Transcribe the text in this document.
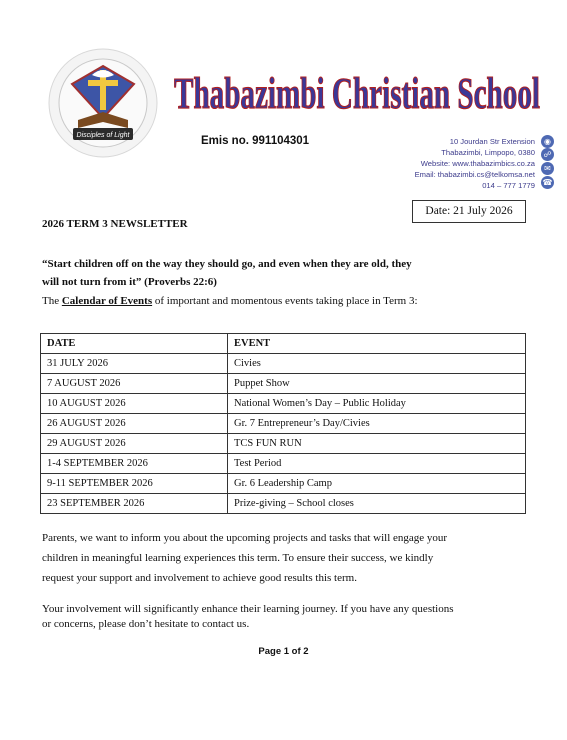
Disciples of Light
Thabazimbi Christian School
Emis no. 991104301	10 Jourdan Str Extension
Thabazimbi, Limpopo, 0380
Website: www.thabazimbics.co.za
Email: thabazimbi.cs@telkomsa.net
014 – 777 1779
◉
☍
✉
☎
Date: 21 July 2026
2026 TERM 3 NEWSLETTER
“Start children off on the way they should go, and even when they are old, they
will not turn from it” (Proverbs 22:6)
The Calendar of Events of important and momentous events taking place in Term 3:
DATE	EVENT
31 JULY 2026	Civies
7 AUGUST 2026	Puppet Show
10 AUGUST 2026	National Women’s Day – Public Holiday
26 AUGUST 2026	Gr. 7 Entrepreneur’s Day/Civies
29 AUGUST 2026	TCS FUN RUN
1-4 SEPTEMBER 2026	Test Period
9-11 SEPTEMBER 2026	Gr. 6 Leadership Camp
23 SEPTEMBER 2026	Prize-giving – School closes
Parents, we want to inform you about the upcoming projects and tasks that will engage your
children in meaningful learning experiences this term. To ensure their success, we kindly
request your support and involvement to achieve good results this term.
Your involvement will significantly enhance their learning journey. If you have any questions
or concerns, please don’t hesitate to contact us.
Page 1 of 2
